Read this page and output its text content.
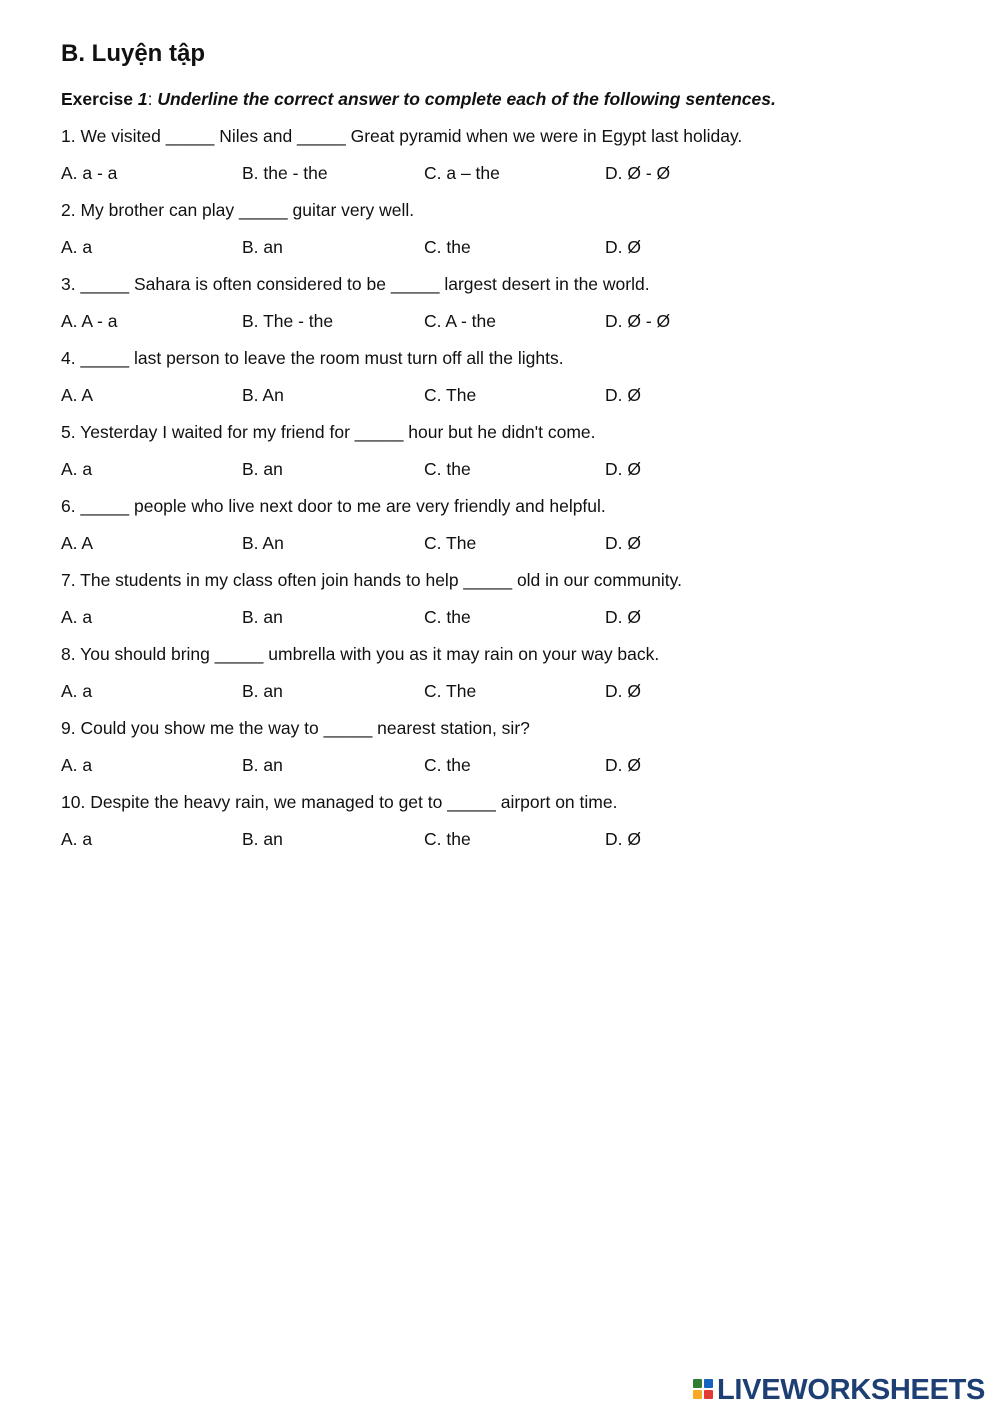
B. Luyện tập
Exercise 1: Underline the correct answer to complete each of the following sentences.
1. We visited _____ Niles and _____ Great pyramid when we were in Egypt last holiday.
A. a - a	B. the - the	C. a – the	D. Ø - Ø
2. My brother can play _____ guitar very well.
A. a	B. an	C. the	D. Ø
3. _____ Sahara is often considered to be _____ largest desert in the world.
A. A - a	B. The - the	C. A - the	D. Ø - Ø
4. _____ last person to leave the room must turn off all the lights.
A. A	B. An	C. The	D. Ø
5. Yesterday I waited for my friend for _____ hour but he didn't come.
A. a	B. an	C. the	D. Ø
6. _____ people who live next door to me are very friendly and helpful.
A. A	B. An	C. The	D. Ø
7. The students in my class often join hands to help _____ old in our community.
A. a	B. an	C. the	D. Ø
8. You should bring _____ umbrella with you as it may rain on your way back.
A. a	B. an	C. The	D. Ø
9. Could you show me the way to _____ nearest station, sir?
A. a	B. an	C. the	D. Ø
10. Despite the heavy rain, we managed to get to _____ airport on time.
A. a	B. an	C. the	D. Ø
LIVEWORKSHEETS
